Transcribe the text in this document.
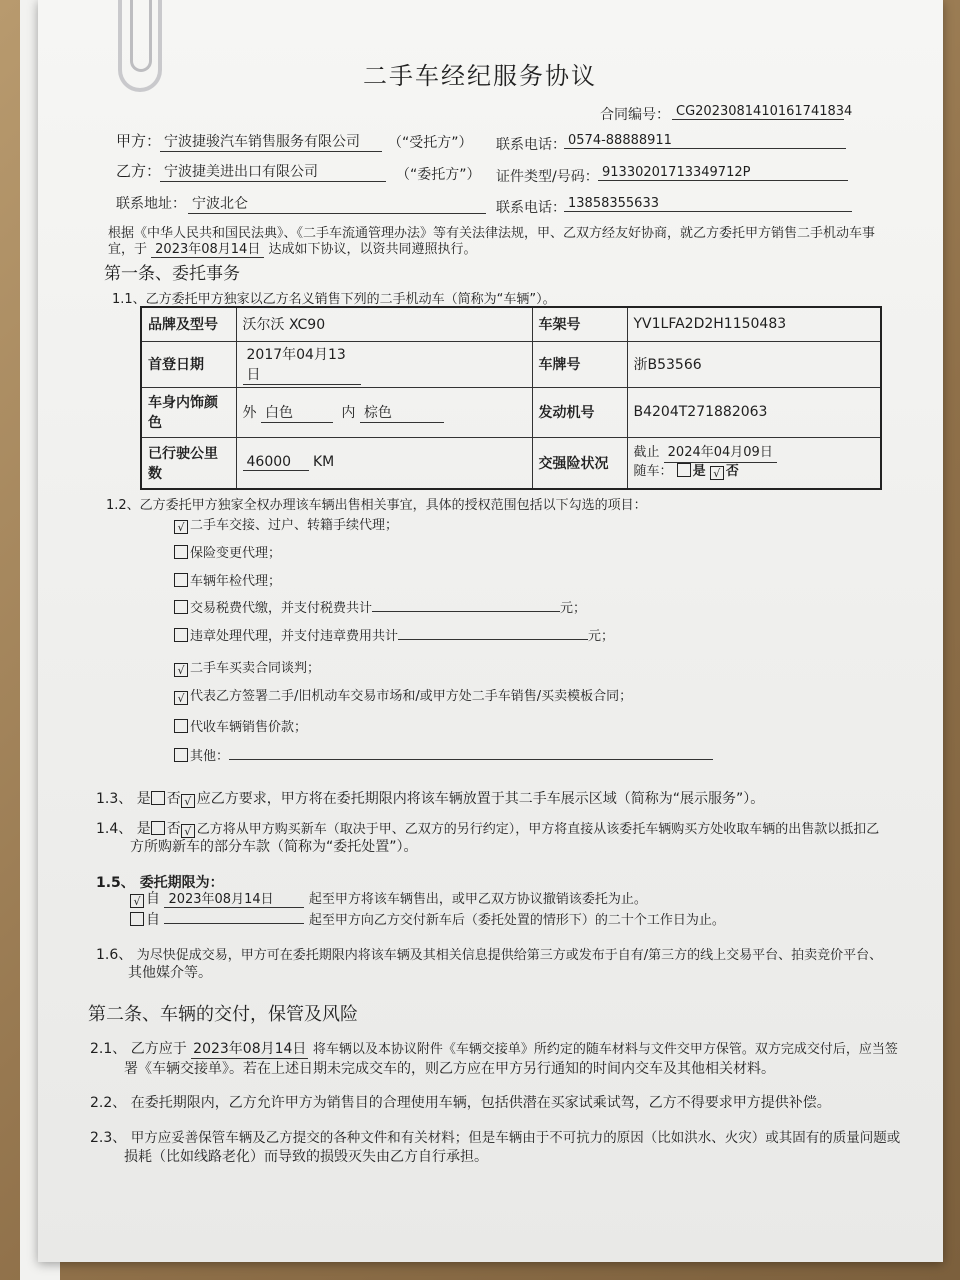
二手车经纪服务协议
合同编号： CG2023081410161741834
甲方： 宁波捷骏汽车销售服务有限公司	（“受托方”） 联系电话： 0574-88888911
乙方： 宁波捷美进出口有限公司	（“委托方”） 证件类型/号码： 91330201713349712P
联系地址： 宁波北仑	联系电话： 13858355633
根据《中华人民共和国民法典》、《二手车流通管理办法》等有关法律法规，甲、乙双方经友好协商，就乙方委托甲方销售二手机动车事
宜，于 2023年08月14日 达成如下协议，以资共同遵照执行。
第一条、委托事务
1.1、乙方委托甲方独家以乙方名义销售下列的二手机动车（简称为“车辆”）。
品牌及型号	沃尔沃 XC90	车架号	YV1LFA2D2H1150483
首登日期	2017年04月13日	车牌号	浙B53566
车身内饰颜色	外 白色 内 棕色	发动机号	B4204T271882063
已行驶公里数	46000 KM	交强险状况	截止 2024年04月09日
随车： 是 √ 否
1.2、乙方委托甲方独家全权办理该车辆出售相关事宜，具体的授权范围包括以下勾选的项目：
√ 二手车交接、过户、转籍手续代理；
保险变更代理；
车辆年检代理；
交易税费代缴，并支付税费共计	元；
违章处理代理，并支付违章费用共计	元；
√ 二手车买卖合同谈判；
√ 代表乙方签署二手/旧机动车交易市场和/或甲方处二手车销售/买卖模板合同；
代收车辆销售价款；
其他：
1.3、 是 否 √ 应乙方要求，甲方将在委托期限内将该车辆放置于其二手车展示区域（简称为“展示服务”）。
1.4、 是 否 √ 乙方将从甲方购买新车（取决于甲、乙双方的另行约定），甲方将直接从该委托车辆购买方处收取车辆的出售款以抵扣乙
方所购新车的部分车款（简称为“委托处置”）。
1.5、 委托期限为：
√ 自 2023年08月14日	起至甲方将该车辆售出，或甲乙双方协议撤销该委托为止。
自	起至甲方向乙方交付新车后（委托处置的情形下）的二十个工作日为止。
1.6、 为尽快促成交易，甲方可在委托期限内将该车辆及其相关信息提供给第三方或发布于自有/第三方的线上交易平台、拍卖竞价平台、
其他媒介等。
第二条、车辆的交付，保管及风险
2.1、 乙方应于 2023年08月14日 将车辆以及本协议附件《车辆交接单》所约定的随车材料与文件交甲方保管。双方完成交付后，应当签
署《车辆交接单》。若在上述日期未完成交车的，则乙方应在甲方另行通知的时间内交车及其他相关材料。
2.2、 在委托期限内，乙方允许甲方为销售目的合理使用车辆，包括供潜在买家试乘试驾，乙方不得要求甲方提供补偿。
2.3、 甲方应妥善保管车辆及乙方提交的各种文件和有关材料；但是车辆由于不可抗力的原因（比如洪水、火灾）或其固有的质量问题或
损耗（比如线路老化）而导致的损毁灭失由乙方自行承担。
